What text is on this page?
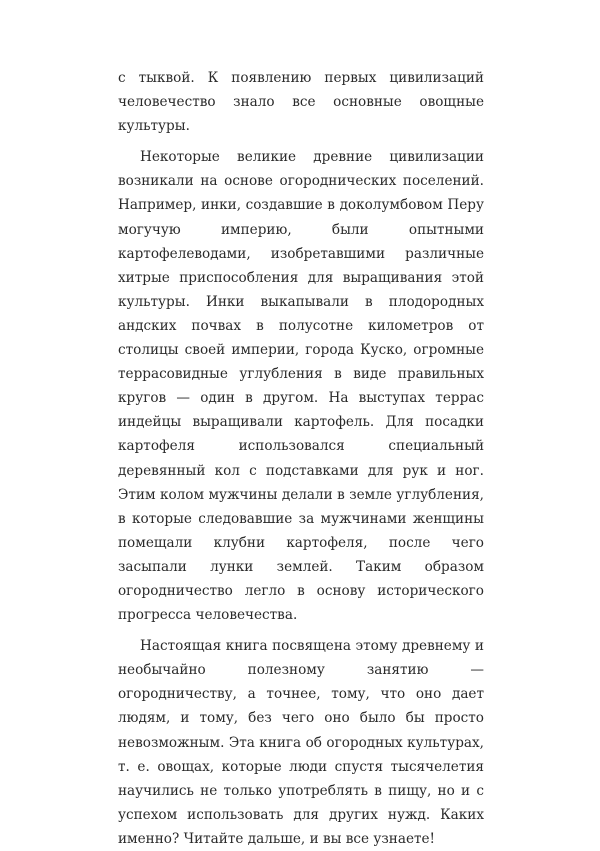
с тыквой. К появлению первых цивилизаций человечество знало все основные овощные культуры.

Некоторые великие древние цивилизации возникали на основе огороднических поселений. Например, инки, создавшие в доколумбовом Перу могучую империю, были опытными картофелеводами, изобретавшими различные хитрые приспособления для выращивания этой культуры. Инки выкапывали в плодородных андских почвах в полусотне километров от столицы своей империи, города Куско, огромные террасовидные углубления в виде правильных кругов — один в другом. На выступах террас индейцы выращивали картофель. Для посадки картофеля использовался специальный деревянный кол с подставками для рук и ног. Этим колом мужчины делали в земле углубления, в которые следовавшие за мужчинами женщины помещали клубни картофеля, после чего засыпали лунки землей. Таким образом огородничество легло в основу исторического прогресса человечества.

Настоящая книга посвящена этому древнему и необычайно полезному занятию — огородничеству, а точнее, тому, что оно дает людям, и тому, без чего оно было бы просто невозможным. Эта книга об огородных культурах, т. е. овощах, которые люди спустя тысячелетия научились не только употреблять в пищу, но и с успехом использовать для других нужд. Каких именно? Читайте дальше, и вы все узнаете!
